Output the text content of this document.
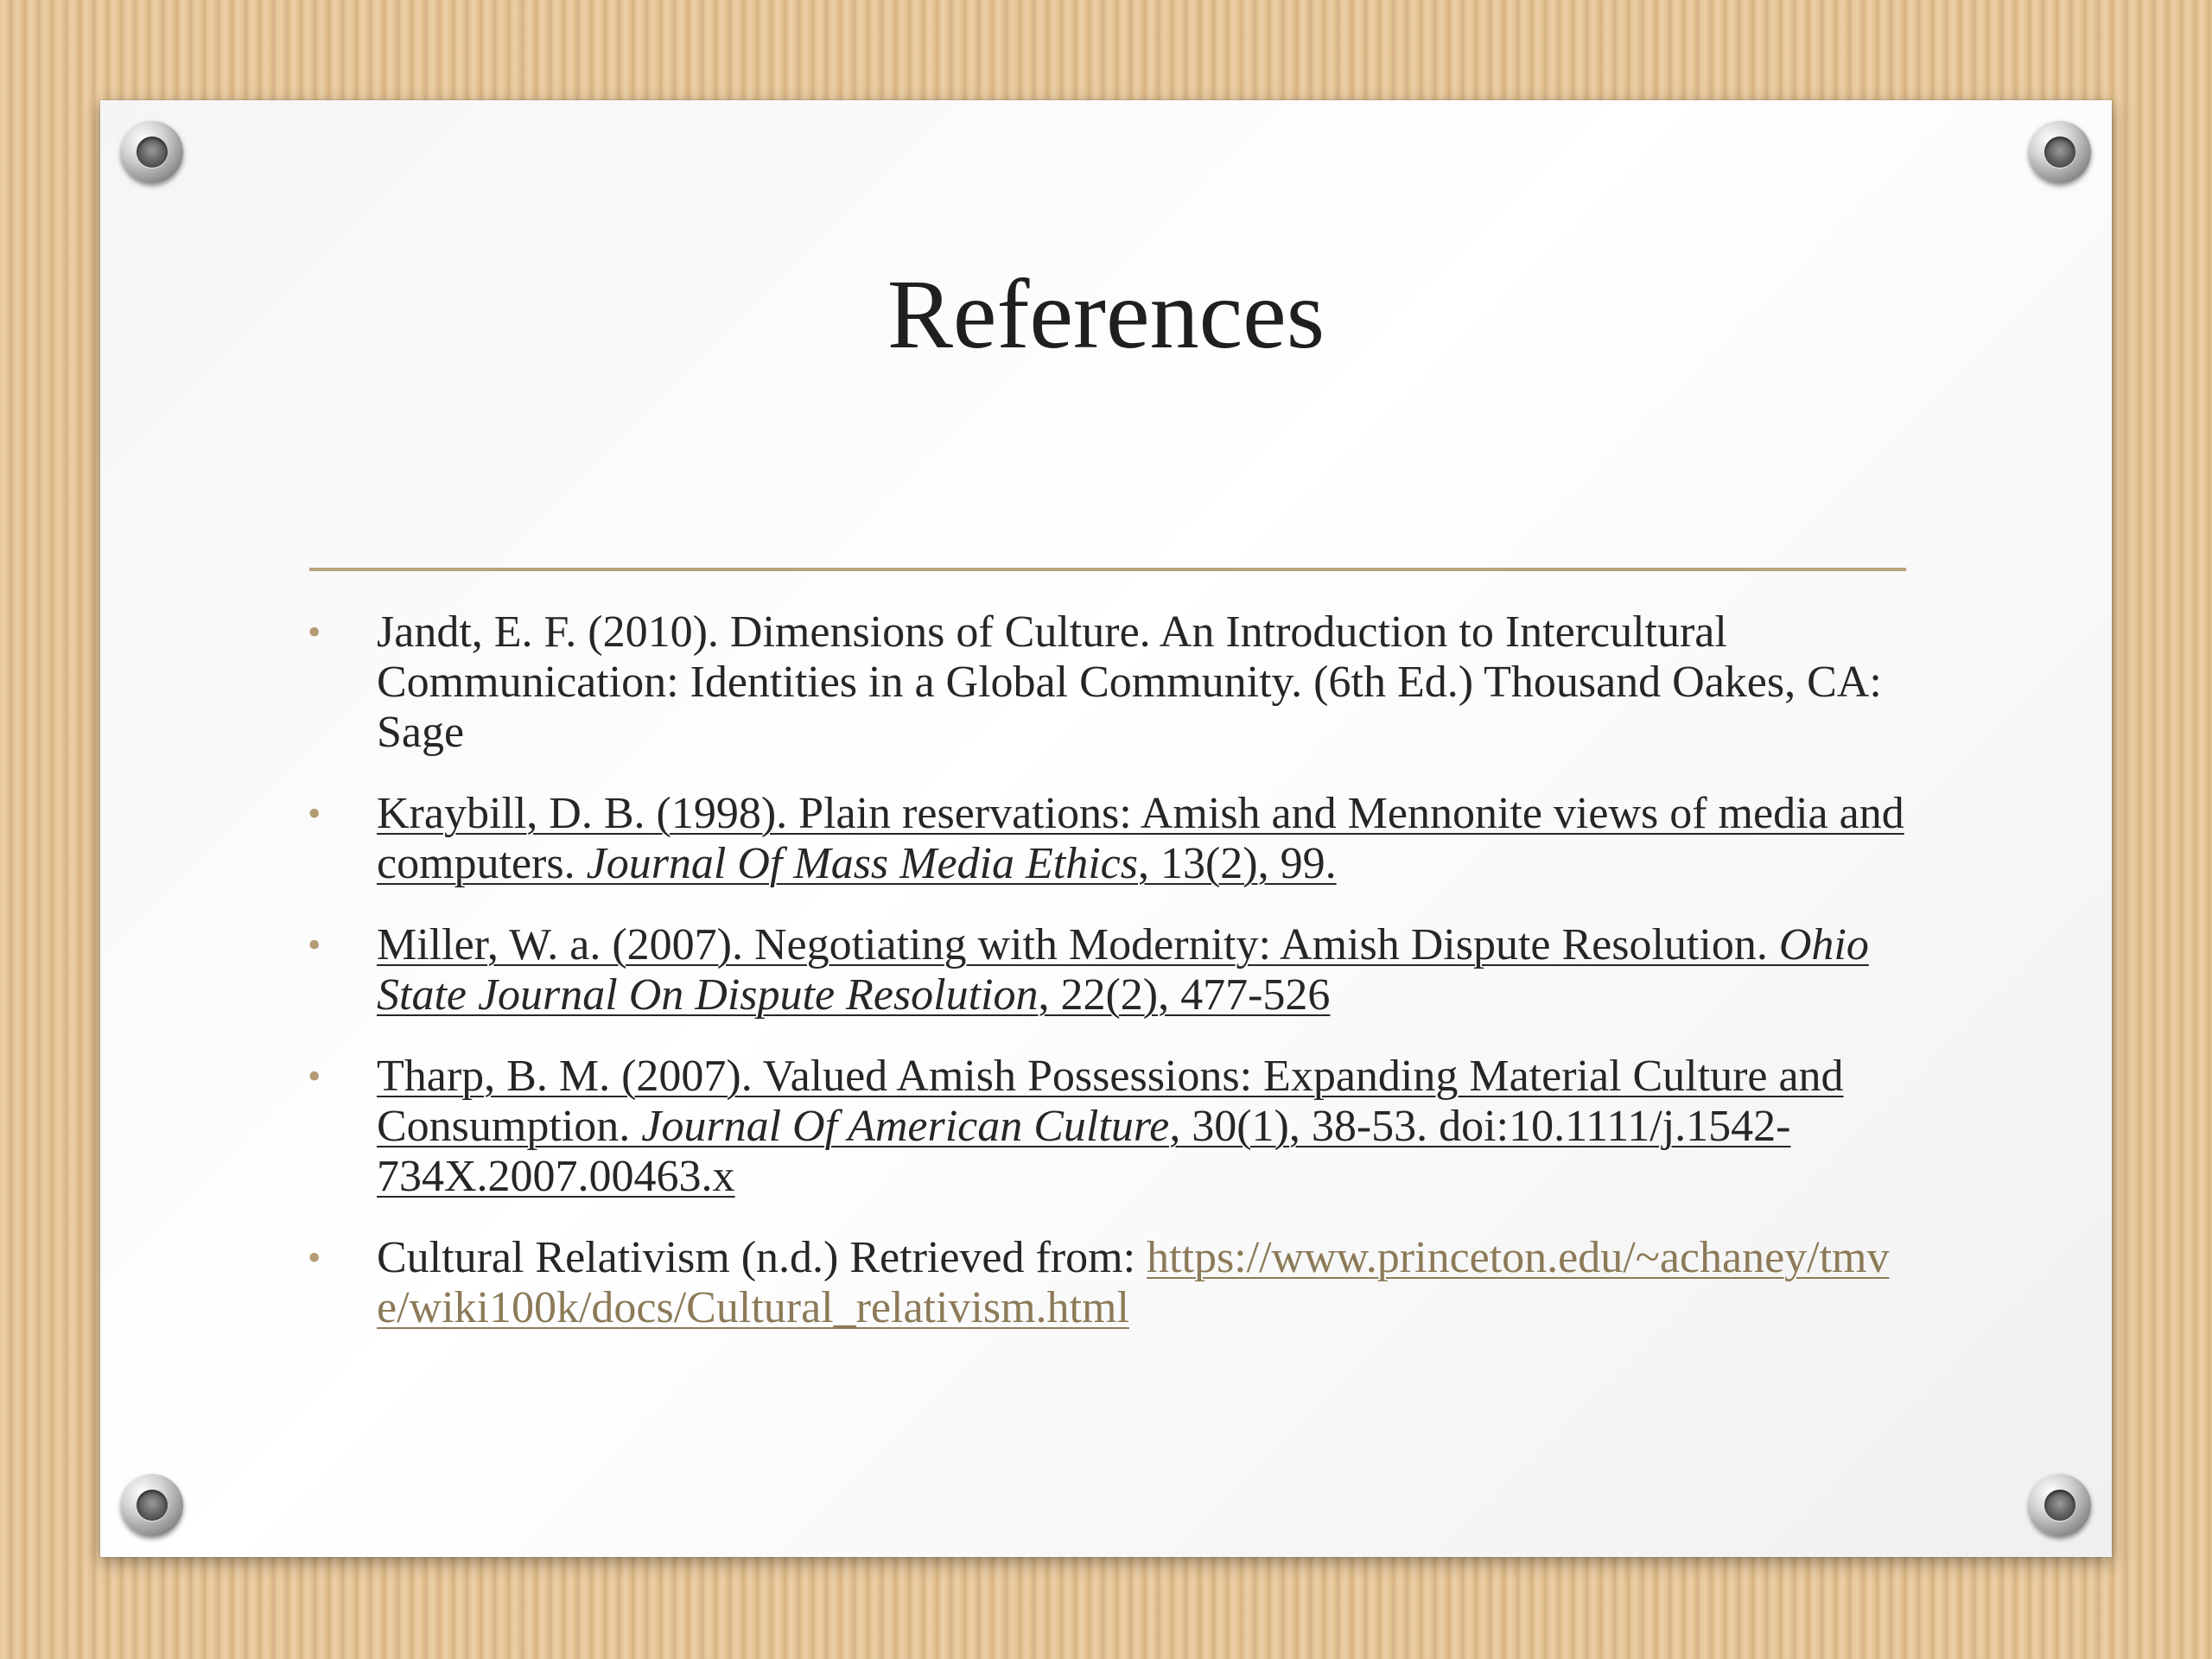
References
•	Jandt, E. F. (2010). Dimensions of Culture. An Introduction to Intercultural Communication: Identities in a Global Community. (6th Ed.) Thousand Oakes, CA: Sage
•	Kraybill, D. B. (1998). Plain reservations: Amish and Mennonite views of media and computers. Journal Of Mass Media Ethics, 13(2), 99.
•	Miller, W. a. (2007). Negotiating with Modernity: Amish Dispute Resolution. Ohio State Journal On Dispute Resolution, 22(2), 477-526
•	Tharp, B. M. (2007). Valued Amish Possessions: Expanding Material Culture and Consumption. Journal Of American Culture, 30(1), 38-53. doi:10.1111/j.1542-734X.2007.00463.x
•	Cultural Relativism (n.d.) Retrieved from: https://www.princeton.edu/~achaney/tmve/wiki100k/docs/Cultural_relativism.html
